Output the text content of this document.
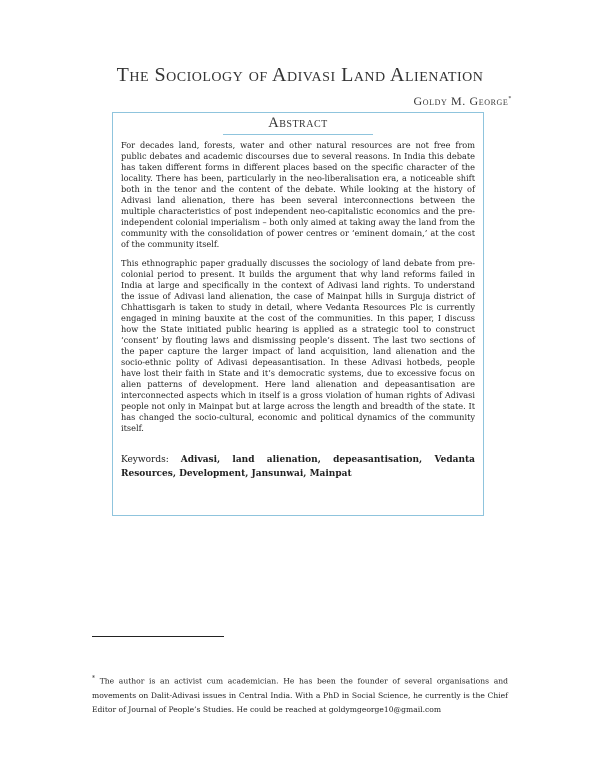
The Sociology of Adivasi Land Alienation
Goldy M. George*
Abstract

For decades land, forests, water and other natural resources are not free from public debates and academic discourses due to several reasons. In India this debate has taken different forms in different places based on the specific character of the locality. There has been, particularly in the neo-liberalisation era, a noticeable shift both in the tenor and the content of the debate. While looking at the history of Adivasi land alienation, there has been several interconnections between the multiple characteristics of post independent neo-capitalistic economics and the pre-independent colonial imperialism – both only aimed at taking away the land from the community with the consolidation of power centres or ‘eminent domain,’ at the cost of the community itself.

This ethnographic paper gradually discusses the sociology of land debate from pre-colonial period to present. It builds the argument that why land reforms failed in India at large and specifically in the context of Adivasi land rights. To understand the issue of Adivasi land alienation, the case of Mainpat hills in Surguja district of Chhattisgarh is taken to study in detail, where Vedanta Resources Plc is currently engaged in mining bauxite at the cost of the communities. In this paper, I discuss how the State initiated public hearing is applied as a strategic tool to construct ‘consent’ by flouting laws and dismissing people’s dissent. The last two sections of the paper capture the larger impact of land acquisition, land alienation and the socio-ethnic polity of Adivasi depeasantisation. In these Adivasi hotbeds, people have lost their faith in State and it’s democratic systems, due to excessive focus on alien patterns of development. Here land alienation and depeasantisation are interconnected aspects which in itself is a gross violation of human rights of Adivasi people not only in Mainpat but at large across the length and breadth of the state. It has changed the socio-cultural, economic and political dynamics of the community itself.

Keywords: Adivasi, land alienation, depeasantisation, Vedanta Resources, Development, Jansunwai, Mainpat
* The author is an activist cum academician. He has been the founder of several organisations and movements on Dalit-Adivasi issues in Central India. With a PhD in Social Science, he currently is the Chief Editor of Journal of People’s Studies. He could be reached at goldymgeorge10@gmail.com
